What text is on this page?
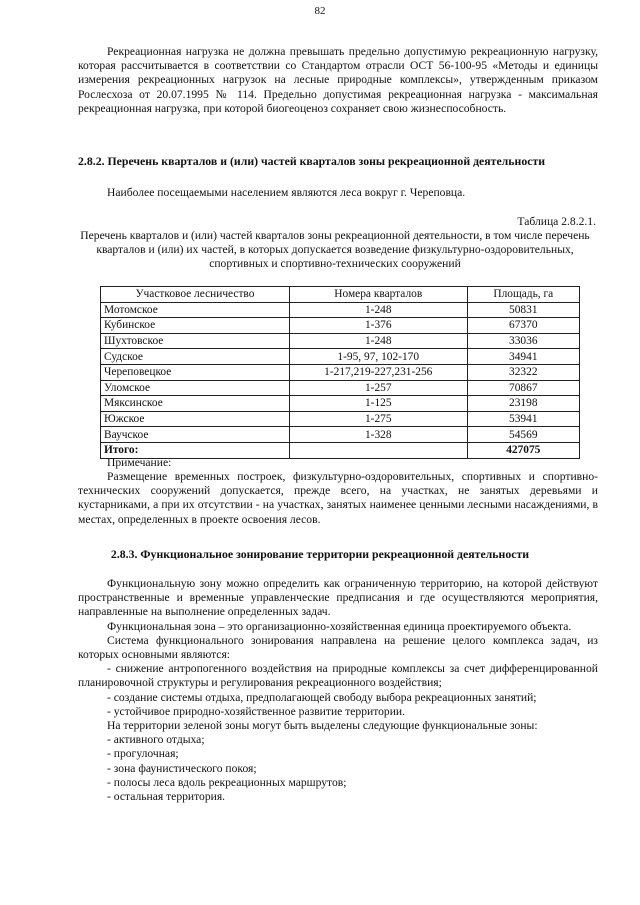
82

Рекреационная нагрузка не должна превышать предельно допустимую рекреационную нагрузку, которая рассчитывается в соответствии со Стандартом отрасли ОСТ 56-100-95 «Методы и единицы измерения рекреационных нагрузок на лесные природные комплексы», утвержденным приказом Рослесхоза от 20.07.1995 № 114. Предельно допустимая рекреационная нагрузка - максимальная рекреационная нагрузка, при которой биогеоценоз сохраняет свою жизнеспособность.

2.8.2. Перечень кварталов и (или) частей кварталов зоны рекреационной деятельности

Наиболее посещаемыми населением являются леса вокруг г. Череповца.

Таблица 2.8.2.1.

Перечень кварталов и (или) частей кварталов зоны рекреационной деятельности, в том числе перечень кварталов и (или) их частей, в которых допускается возведение физкультурно-оздоровительных, спортивных и спортивно-технических сооружений

Участковое лесничество	Номера кварталов	Площадь, га
Мотомское	1-248	50831
Кубинское	1-376	67370
Шухтовское	1-248	33036
Судское	1-95, 97, 102-170	34941
Череповецкое	1-217,219-227,231-256	32322
Уломское	1-257	70867
Мяксинское	1-125	23198
Южское	1-275	53941
Ваучское	1-328	54569
Итого:		427075

Примечание:

Размещение временных построек, физкультурно-оздоровительных, спортивных и спортивно-технических сооружений допускается, прежде всего, на участках, не занятых деревьями и кустарниками, а при их отсутствии - на участках, занятых наименее ценными лесными насаждениями, в местах, определенных в проекте освоения лесов.

2.8.3. Функциональное зонирование территории рекреационной деятельности

Функциональную зону можно определить как ограниченную территорию, на которой действуют пространственные и временные управленческие предписания и где осуществляются мероприятия, направленные на выполнение определенных задач.
Функциональная зона – это организационно-хозяйственная единица проектируемого объекта.
Система функционального зонирования направлена на решение целого комплекса задач, из которых основными являются:
- снижение антропогенного воздействия на природные комплексы за счет дифференцированной планировочной структуры и регулирования рекреационного воздействия;
- создание системы отдыха, предполагающей свободу выбора рекреационных занятий;
- устойчивое природно-хозяйственное развитие территории.
На территории зеленой зоны могут быть выделены следующие функциональные зоны:
- активного отдыха;
- прогулочная;
- зона фаунистического покоя;
- полосы леса вдоль рекреационных маршрутов;
- остальная территория.
